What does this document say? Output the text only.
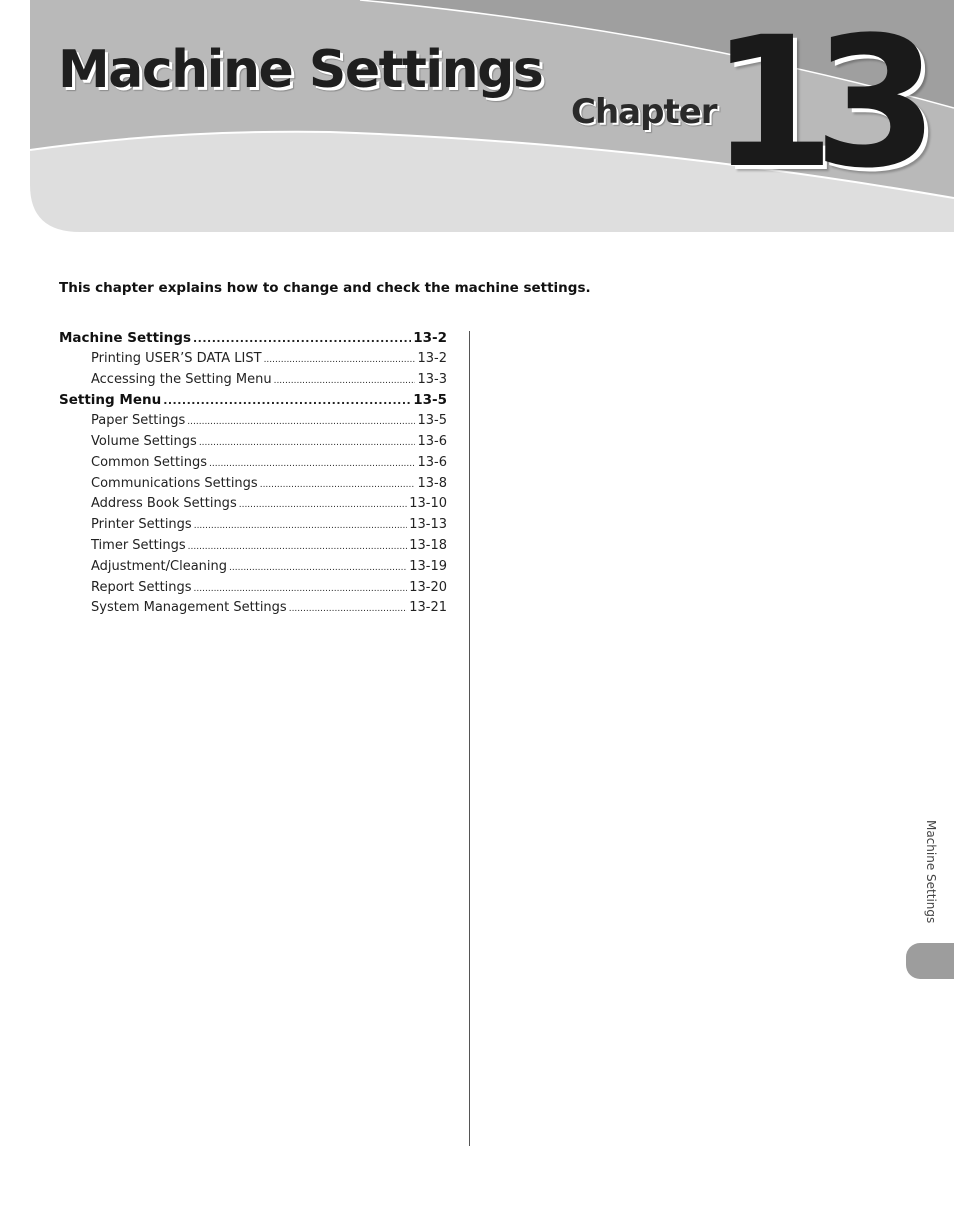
Machine Settings
Chapter
13

This chapter explains how to change and check the machine settings.

Machine Settings .....	13-2
Printing USER’S DATA LIST .....	13-2
Accessing the Setting Menu .....	13-3
Setting Menu .....	13-5
Paper Settings .....	13-5
Volume Settings .....	13-6
Common Settings .....	13-6
Communications Settings .....	13-8
Address Book Settings .....	13-10
Printer Settings .....	13-13
Timer Settings .....	13-18
Adjustment/Cleaning .....	13-19
Report Settings .....	13-20
System Management Settings .....	13-21
Machine Settings
